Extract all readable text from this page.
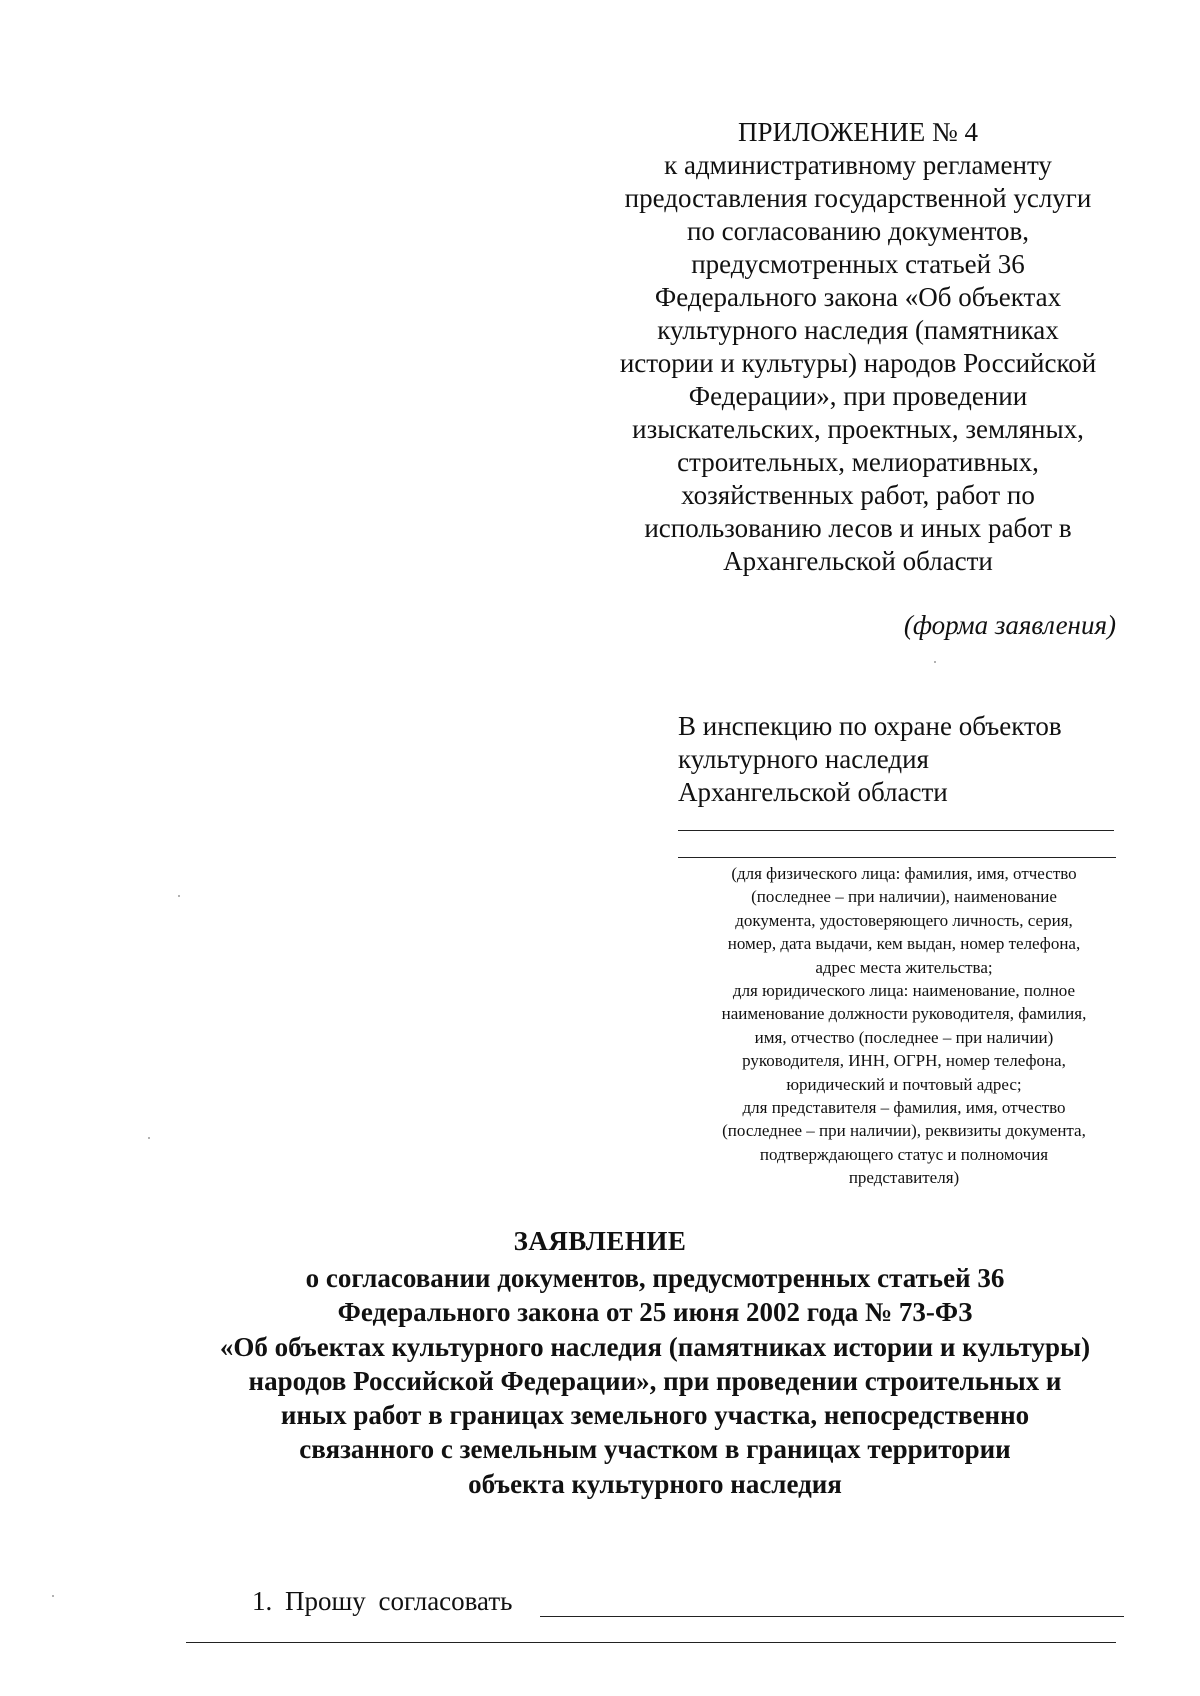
ПРИЛОЖЕНИЕ № 4
к административному регламенту
предоставления государственной услуги
по согласованию документов,
предусмотренных статьей 36
Федерального закона «Об объектах
культурного наследия (памятниках
истории и культуры) народов Российской
Федерации», при проведении
изыскательских, проектных, земляных,
строительных, мелиоративных,
хозяйственных работ, работ по
использованию лесов и иных работ в
Архангельской области
(форма заявления)
В инспекцию по охране объектов
культурного наследия
Архангельской области
(для физического лица: фамилия, имя, отчество
(последнее – при наличии), наименование
документа, удостоверяющего личность, серия,
номер, дата выдачи, кем выдан, номер телефона,
адрес места жительства;
для юридического лица: наименование, полное
наименование должности руководителя, фамилия,
имя, отчество (последнее – при наличии)
руководителя, ИНН, ОГРН, номер телефона,
юридический и почтовый адрес;
для представителя – фамилия, имя, отчество
(последнее – при наличии), реквизиты документа,
подтверждающего статус и полномочия
представителя)
ЗАЯВЛЕНИЕ
о согласовании документов, предусмотренных статьей 36
Федерального закона от 25 июня 2002 года № 73-ФЗ
«Об объектах культурного наследия (памятниках истории и культуры)
народов Российской Федерации», при проведении строительных и
иных работ в границах земельного участка, непосредственно
связанного с земельным участком в границах территории
объекта культурного наследия
1. Прошу согласовать
